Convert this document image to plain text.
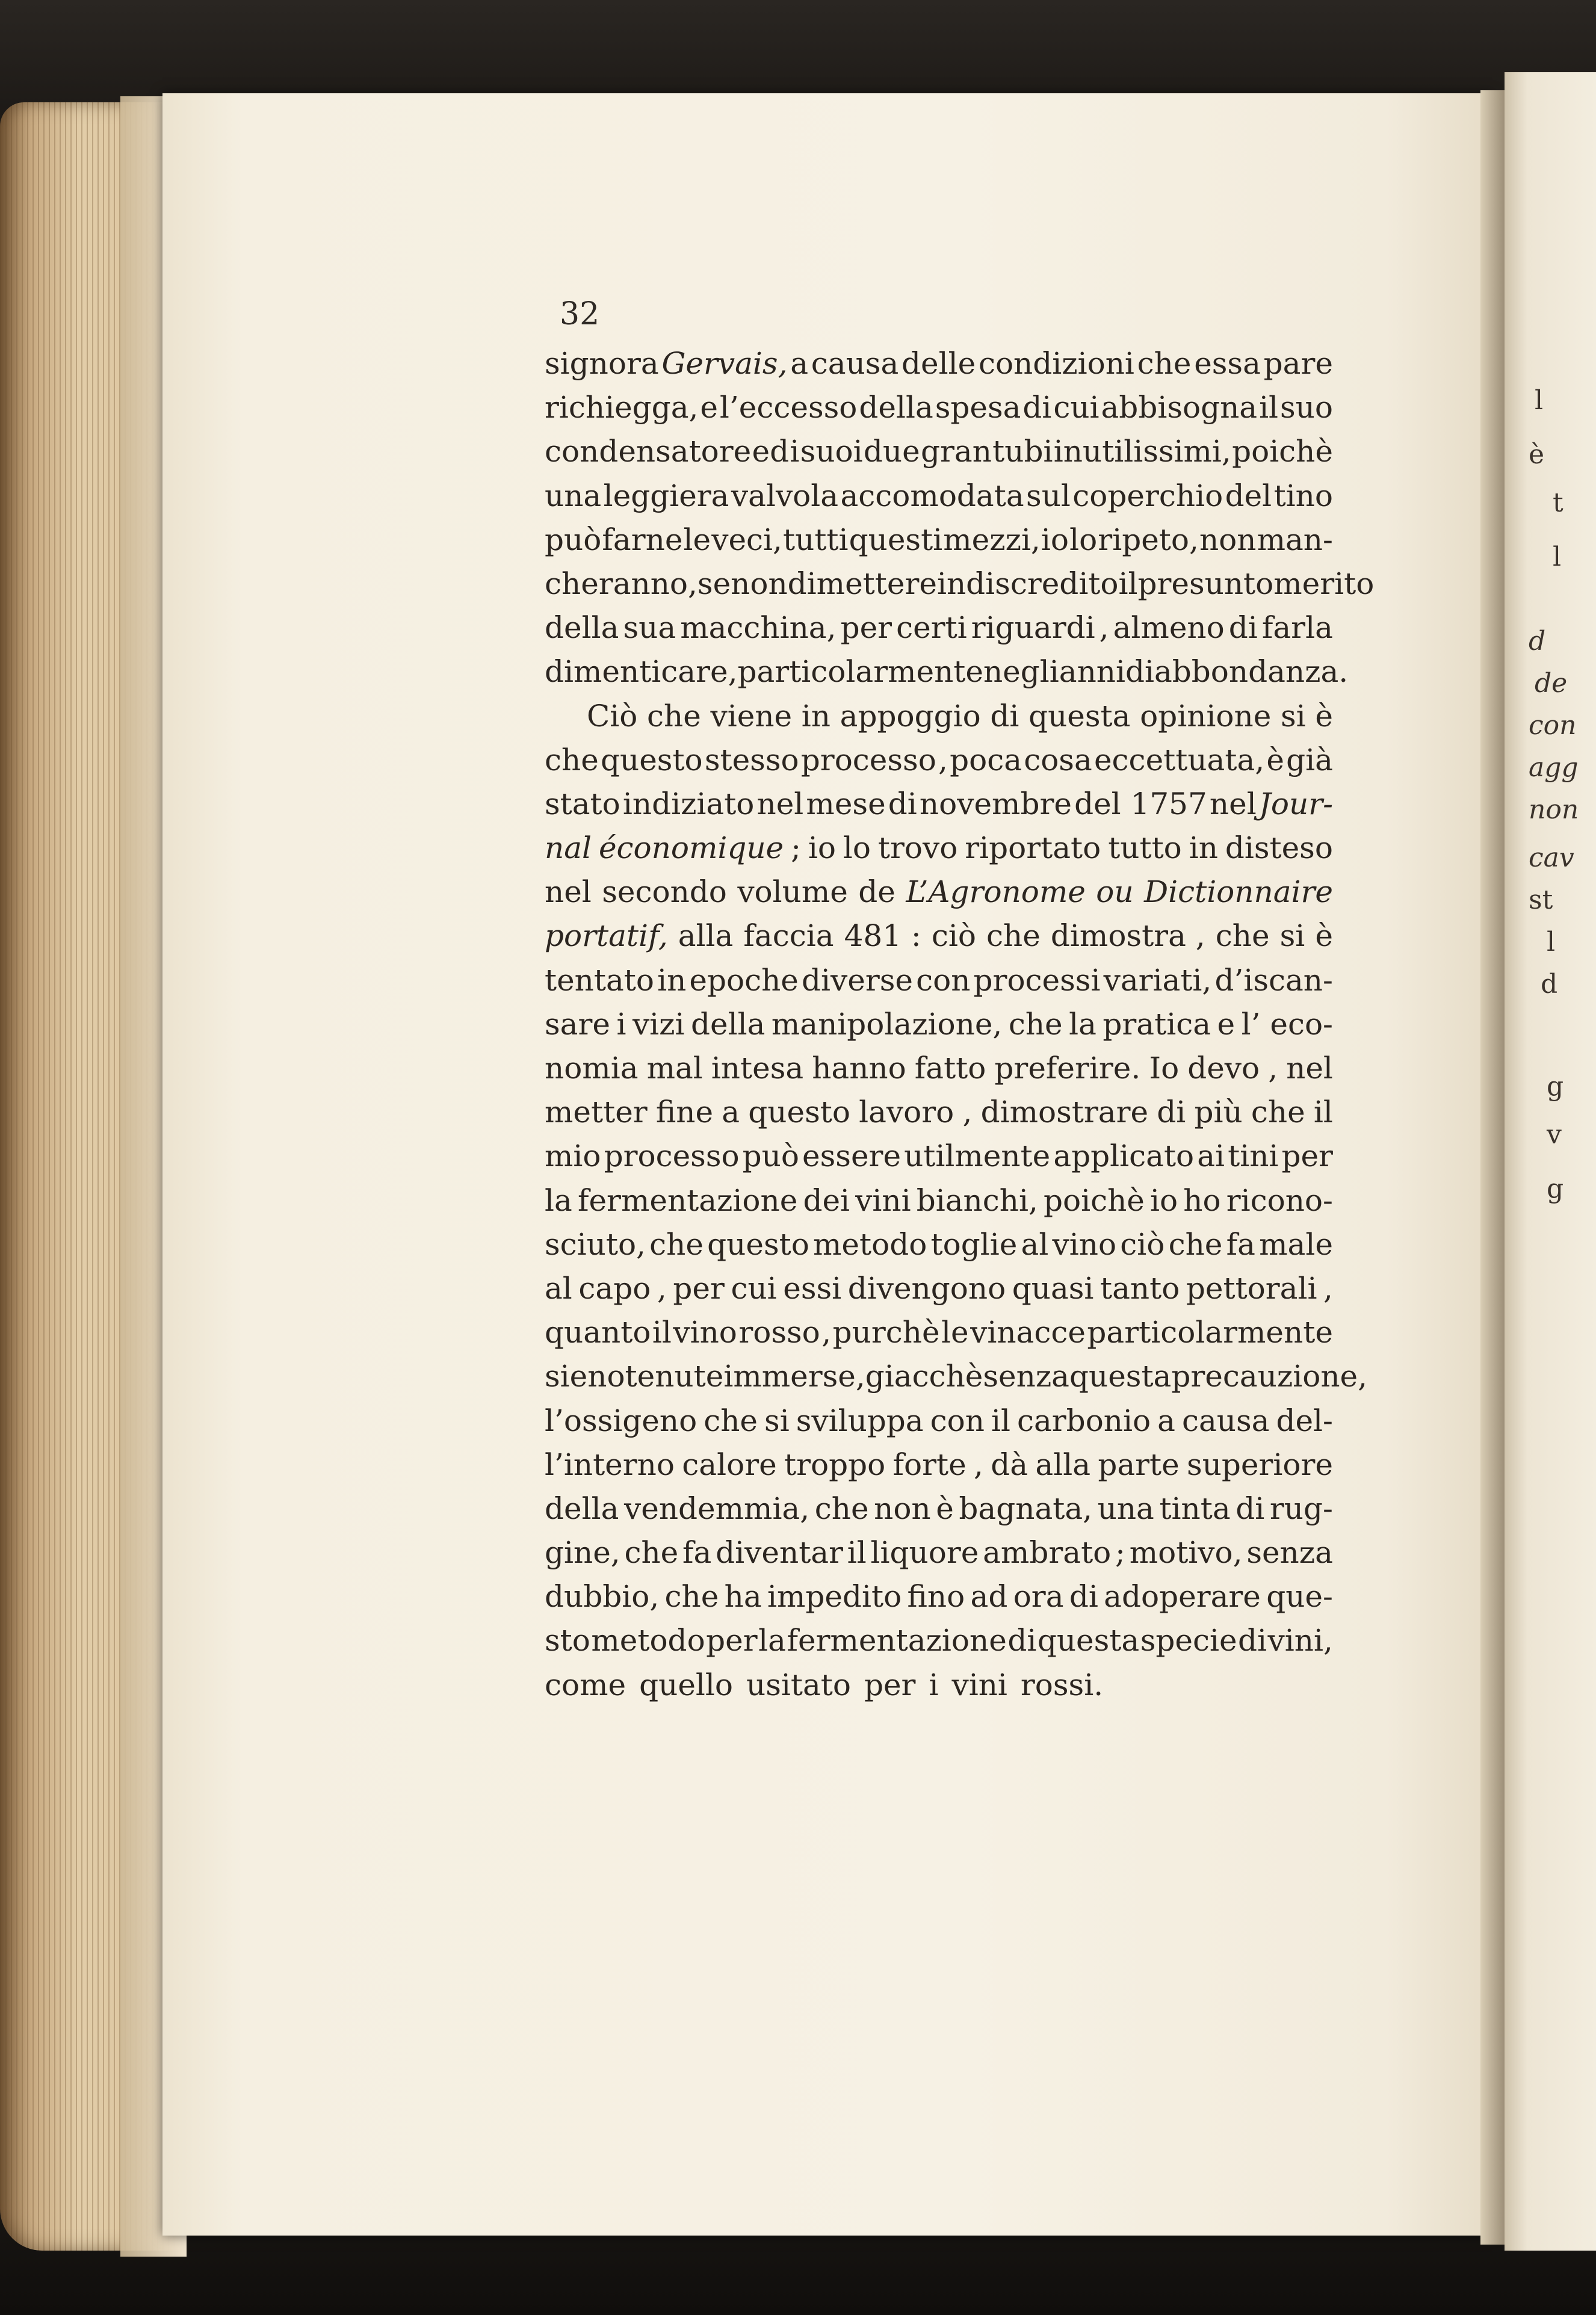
l
è
t
l
d
de
con
agg
non
cav
st
l
d
g
v
g
32
signora Gervais, a causa delle condizioni che essa pare
richiegga, e l’eccesso della spesa di cui abbisogna il suo
condensatore ed i suoi due gran tubi inutilissimi, poichè
una leggiera valvola accomodata sul coperchio del tino
può farne le veci, tutti questi mezzi, io lo ripeto, non man-
cheranno, se non di mettere in discredito il presunto merito
della sua macchina, per certi riguardi , almeno di farla
dimenticare, particolarmente negli anni di abbondanza.
Ciò che viene in appoggio di questa opinione si è
che questo stesso processo , poca cosa eccettuata, è già
stato indiziato nel mese di novembre del 1757 nel Jour-
nal économique ; io lo trovo riportato tutto in disteso
nel secondo volume de L’Agronome ou Dictionnaire
portatif, alla faccia 481 : ciò che dimostra , che si è
tentato in epoche diverse con processi variati, d’iscan-
sare i vizi della manipolazione, che la pratica e l’ eco-
nomia mal intesa hanno fatto preferire. Io devo , nel
metter fine a questo lavoro , dimostrare di più che il
mio processo può essere utilmente applicato ai tini per
la fermentazione dei vini bianchi, poichè io ho ricono-
sciuto, che questo metodo toglie al vino ciò che fa male
al capo , per cui essi divengono quasi tanto pettorali ,
quanto il vino rosso , purchè le vinacce particolarmente
sieno tenute immerse, giacchè senza questa precauzione,
l’ossigeno che si sviluppa con il carbonio a causa del-
l’interno calore troppo forte , dà alla parte superiore
della vendemmia, che non è bagnata, una tinta di rug-
gine, che fa diventar il liquore ambrato ; motivo, senza
dubbio, che ha impedito fino ad ora di adoperare que-
sto metodo per la fermentazione di questa specie di vini,
come quello usitato per i vini rossi.
